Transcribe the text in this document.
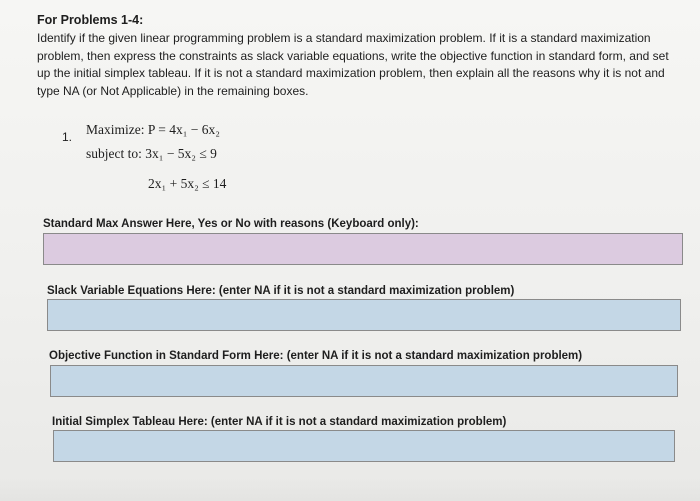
For Problems 1-4:
Identify if the given linear programming problem is a standard maximization problem. If it is a standard maximization problem, then express the constraints as slack variable equations, write the objective function in standard form, and set up the initial simplex tableau. If it is not a standard maximization problem, then explain all the reasons why it is not and type NA (or Not Applicable) in the remaining boxes.
1. Maximize: P = 4x₁ − 6x₂
subject to: 3x₁ − 5x₂ ≤ 9
2x₁ + 5x₂ ≤ 14
Standard Max Answer Here, Yes or No with reasons (Keyboard only):
Slack Variable Equations Here: (enter NA if it is not a standard maximization problem)
Objective Function in Standard Form Here: (enter NA if it is not a standard maximization problem)
Initial Simplex Tableau Here: (enter NA if it is not a standard maximization problem)
